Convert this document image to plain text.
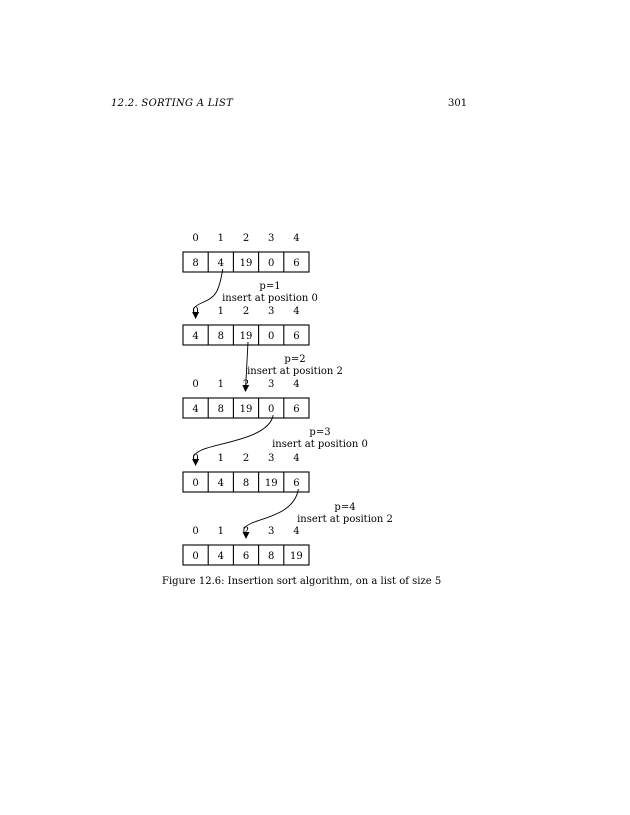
12.2. SORTING A LIST	301
0 1 2 3 4
8 4 19 0 6
0 1 2 3 4
4 8 19 0 6
0 1 2 3 4
4 8 19 0 6
0 1 2 3 4
0 4 8 19 6
0 1 2 3 4
0 4 6 8 19
p=1
insert at position 0
p=2
insert at position 2
p=3
insert at position 0
p=4
insert at position 2
Figure 12.6: Insertion sort algorithm, on a list of size 5
